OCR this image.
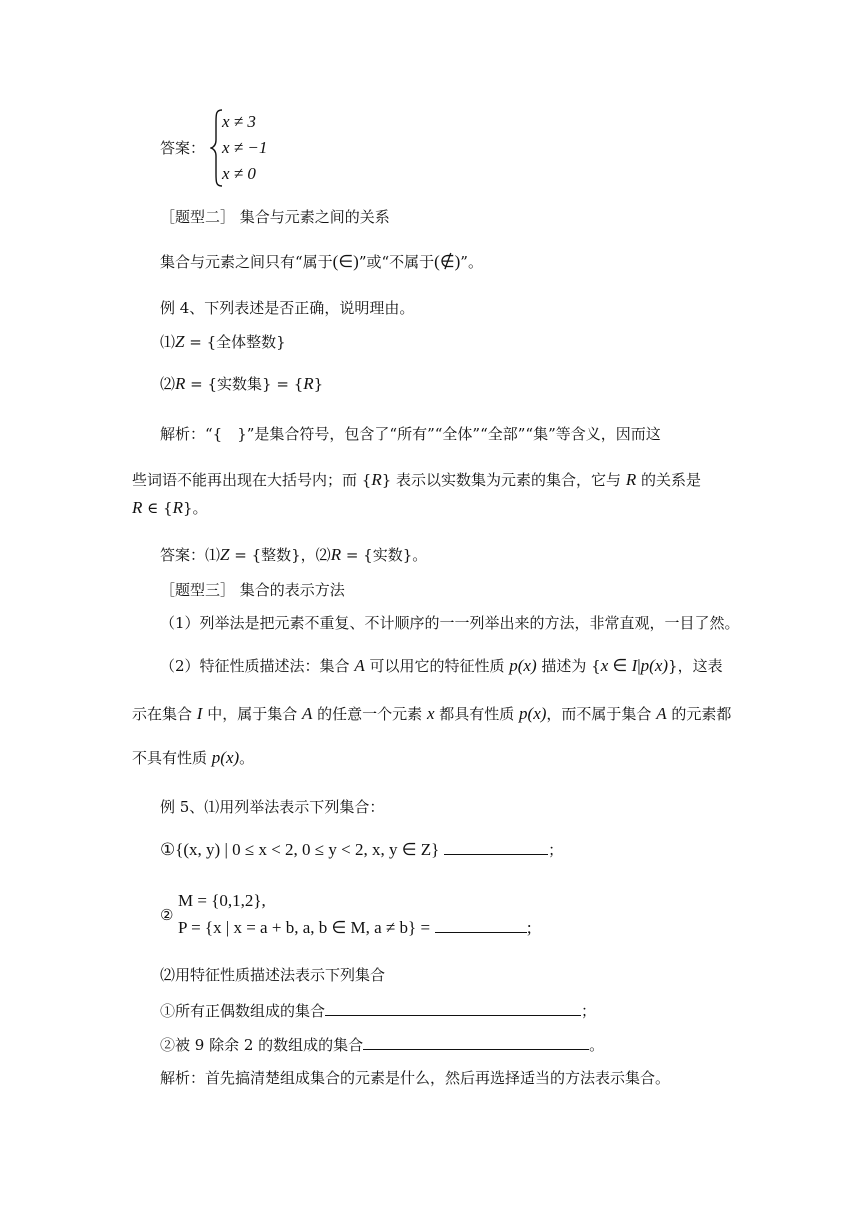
答案：
x ≠ 3
x ≠ −1
x ≠ 0
［题型二］ 集合与元素之间的关系
集合与元素之间只有“属于(∈)”或“不属于(∉)”。
例 4、下列表述是否正确，说明理由。
⑴Z = {全体整数}
⑵R = {实数集} = {R}
解析：“{　}”是集合符号，包含了“所有”“全体”“全部”“集”等含义，因而这
些词语不能再出现在大括号内；而 {R} 表示以实数集为元素的集合，它与 R 的关系是
R ∈ {R}。
答案：⑴Z = {整数}，⑵R = {实数}。
［题型三］ 集合的表示方法
（1）列举法是把元素不重复、不计顺序的一一列举出来的方法，非常直观，一目了然。
（2）特征性质描述法：集合 A 可以用它的特征性质 p(x) 描述为 {x ∈ I|p(x)}，这表
示在集合 I 中，属于集合 A 的任意一个元素 x 都具有性质 p(x)，而不属于集合 A 的元素都
不具有性质 p(x)。
例 5、⑴用列举法表示下列集合：
①{(x, y) | 0 ≤ x < 2, 0 ≤ y < 2, x, y ∈ Z}	；
②
M = {0,1,2},
P = {x | x = a + b, a, b ∈ M, a ≠ b} =	;
⑵用特征性质描述法表示下列集合
①所有正偶数组成的集合	；
②被 9 除余 2 的数组成的集合	。
解析：首先搞清楚组成集合的元素是什么，然后再选择适当的方法表示集合。
